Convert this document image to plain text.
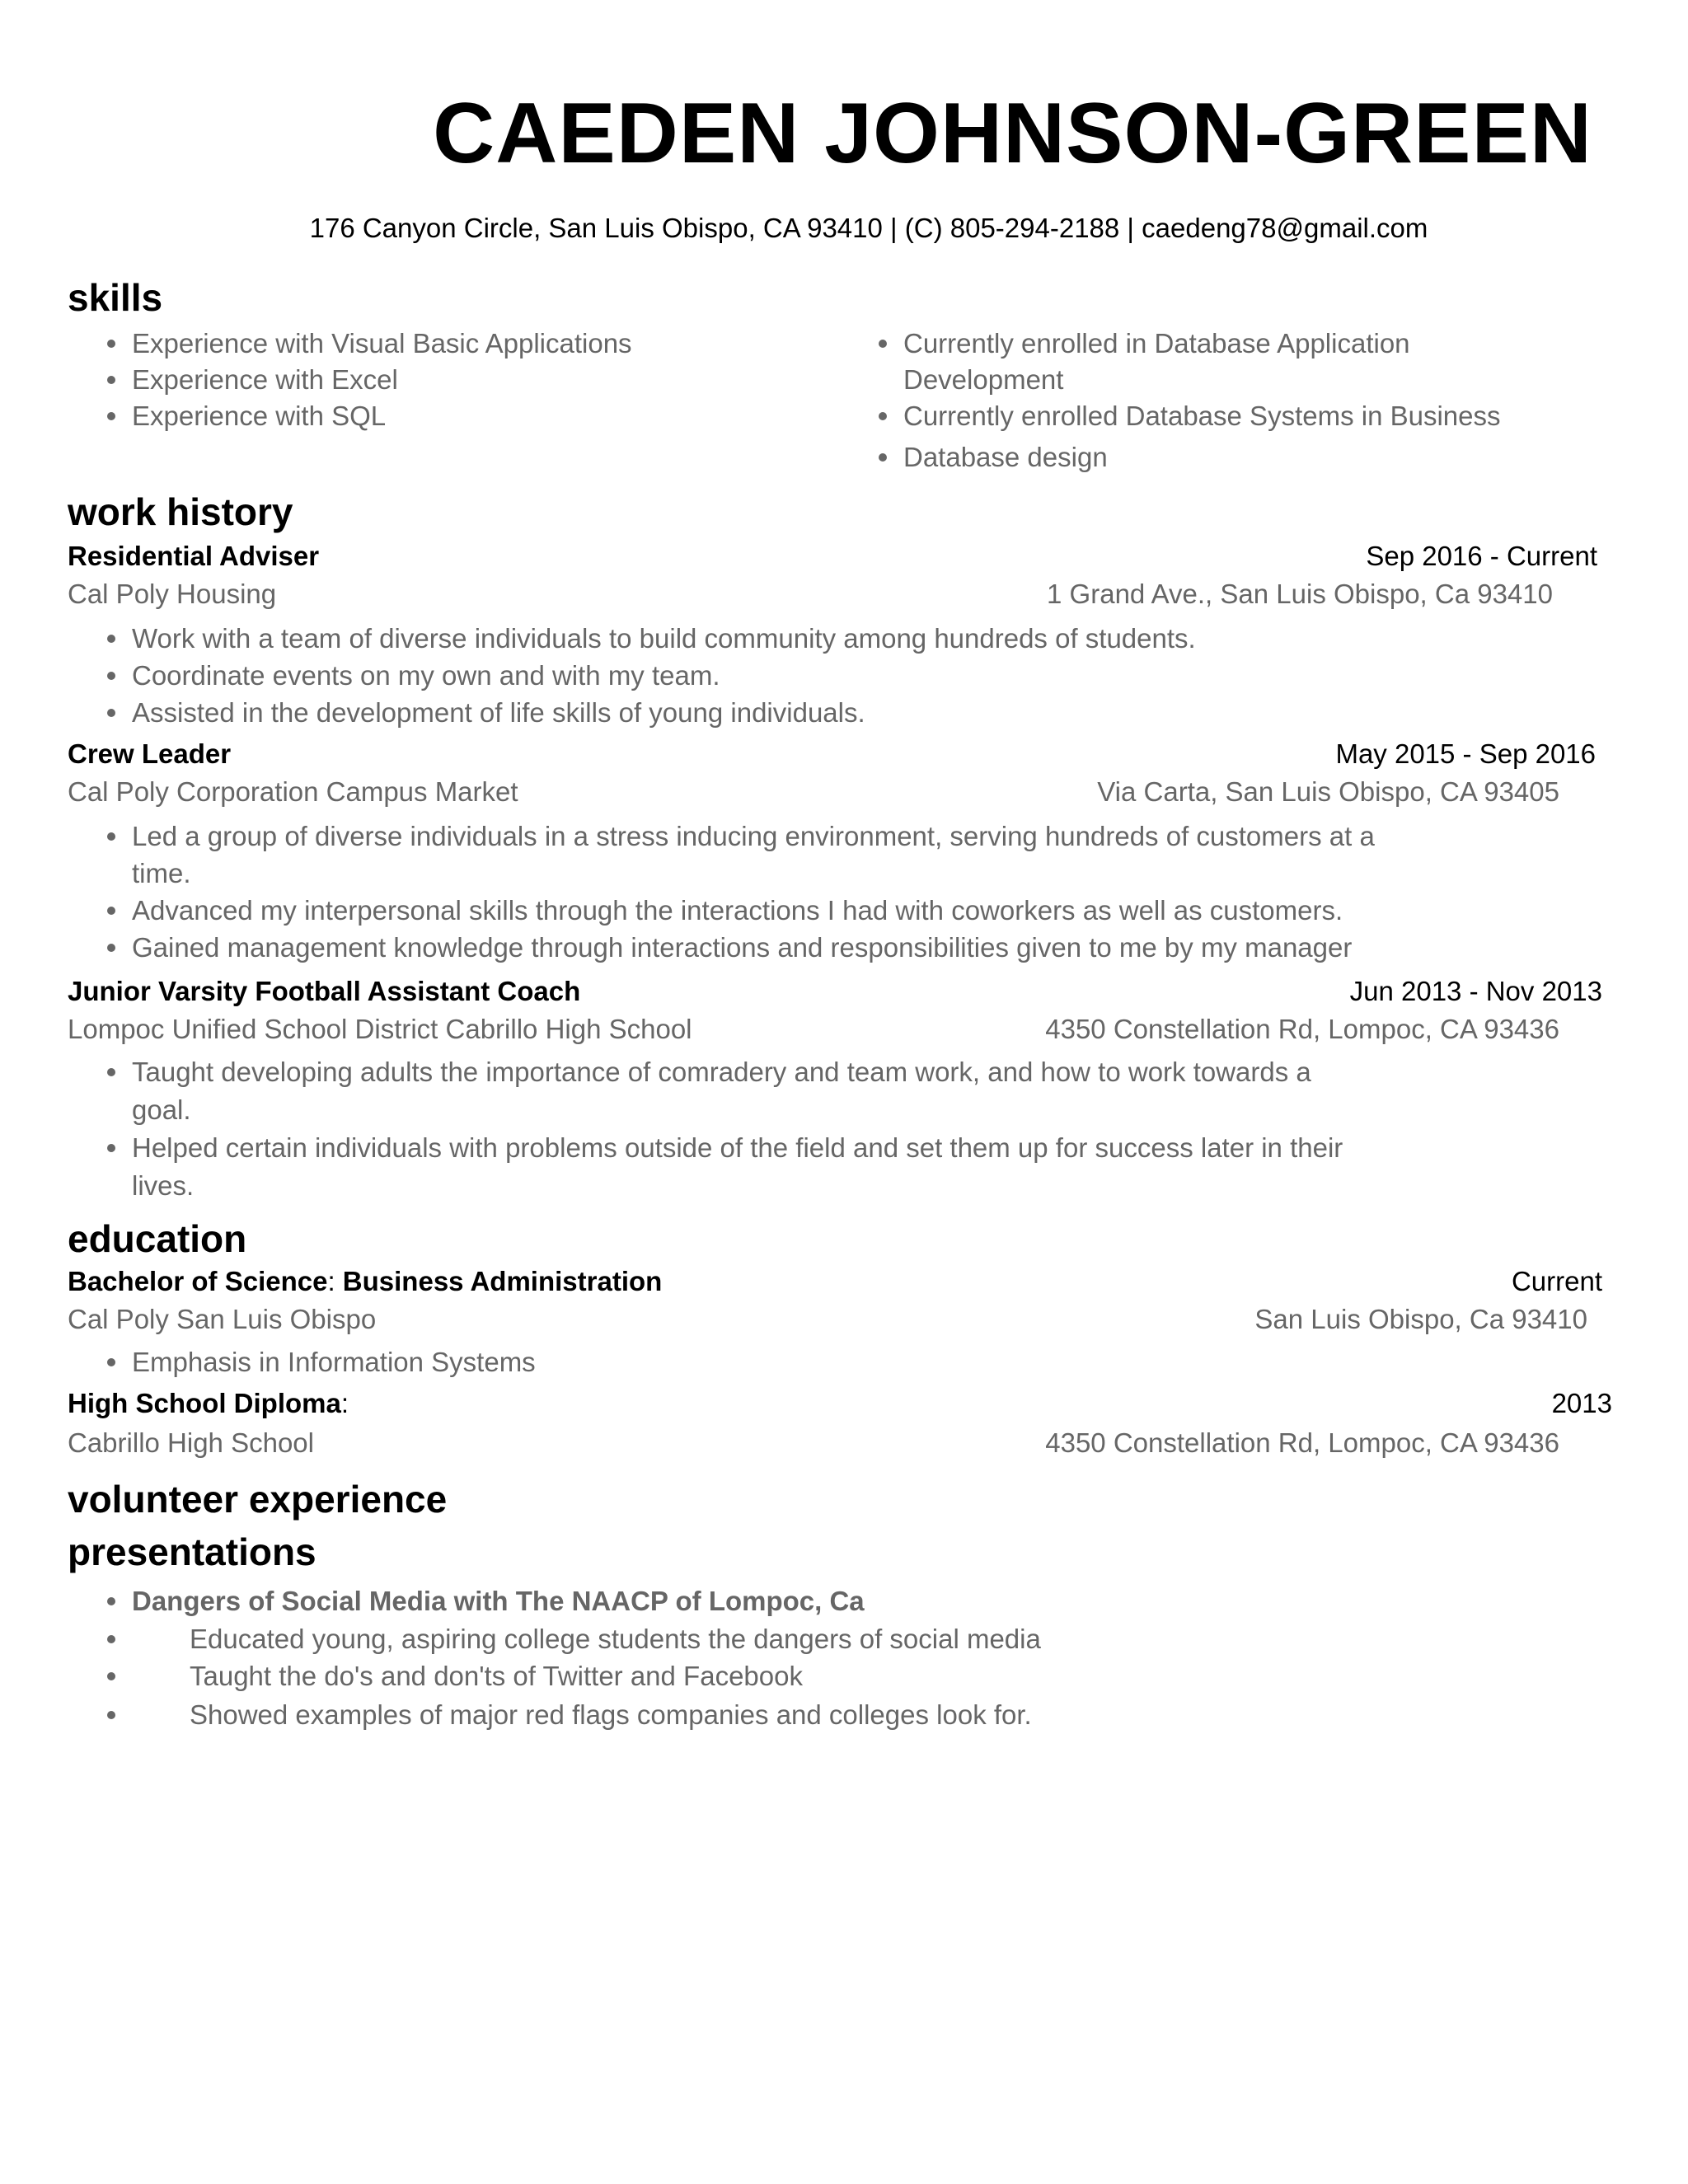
CAEDEN JOHNSON-GREEN
176 Canyon Circle, San Luis Obispo, CA 93410 | (C) 805-294-2188 | caedeng78@gmail.com
skills
Experience with Visual Basic Applications
Experience with Excel
Experience with SQL
Currently enrolled in Database Application
Development
Currently enrolled Database Systems in Business
Database design
work history
Residential Adviser	Sep 2016 - Current
Cal Poly Housing	1 Grand Ave., San Luis Obispo, Ca 93410
Work with a team of diverse individuals to build community among hundreds of students.
Coordinate events on my own and with my team.
Assisted in the development of life skills of young individuals.
Crew Leader	May 2015 - Sep 2016
Cal Poly Corporation Campus Market	Via Carta, San Luis Obispo, CA 93405
Led a group of diverse individuals in a stress inducing environment, serving hundreds of customers at a
time.
Advanced my interpersonal skills through the interactions I had with coworkers as well as customers.
Gained management knowledge through interactions and responsibilities given to me by my manager
Junior Varsity Football Assistant Coach	Jun 2013 - Nov 2013
Lompoc Unified School District Cabrillo High School	4350 Constellation Rd, Lompoc, CA 93436
Taught developing adults the importance of comradery and team work, and how to work towards a
goal.
Helped certain individuals with problems outside of the field and set them up for success later in their
lives.
education
Bachelor of Science: Business Administration	Current
Cal Poly San Luis Obispo	San Luis Obispo, Ca 93410
Emphasis in Information Systems
High School Diploma:	2013
Cabrillo High School	4350 Constellation Rd, Lompoc, CA 93436
volunteer experience
presentations
Dangers of Social Media with The NAACP of Lompoc, Ca
Educated young, aspiring college students the dangers of social media
Taught the do's and don'ts of Twitter and Facebook
Showed examples of major red flags companies and colleges look for.
